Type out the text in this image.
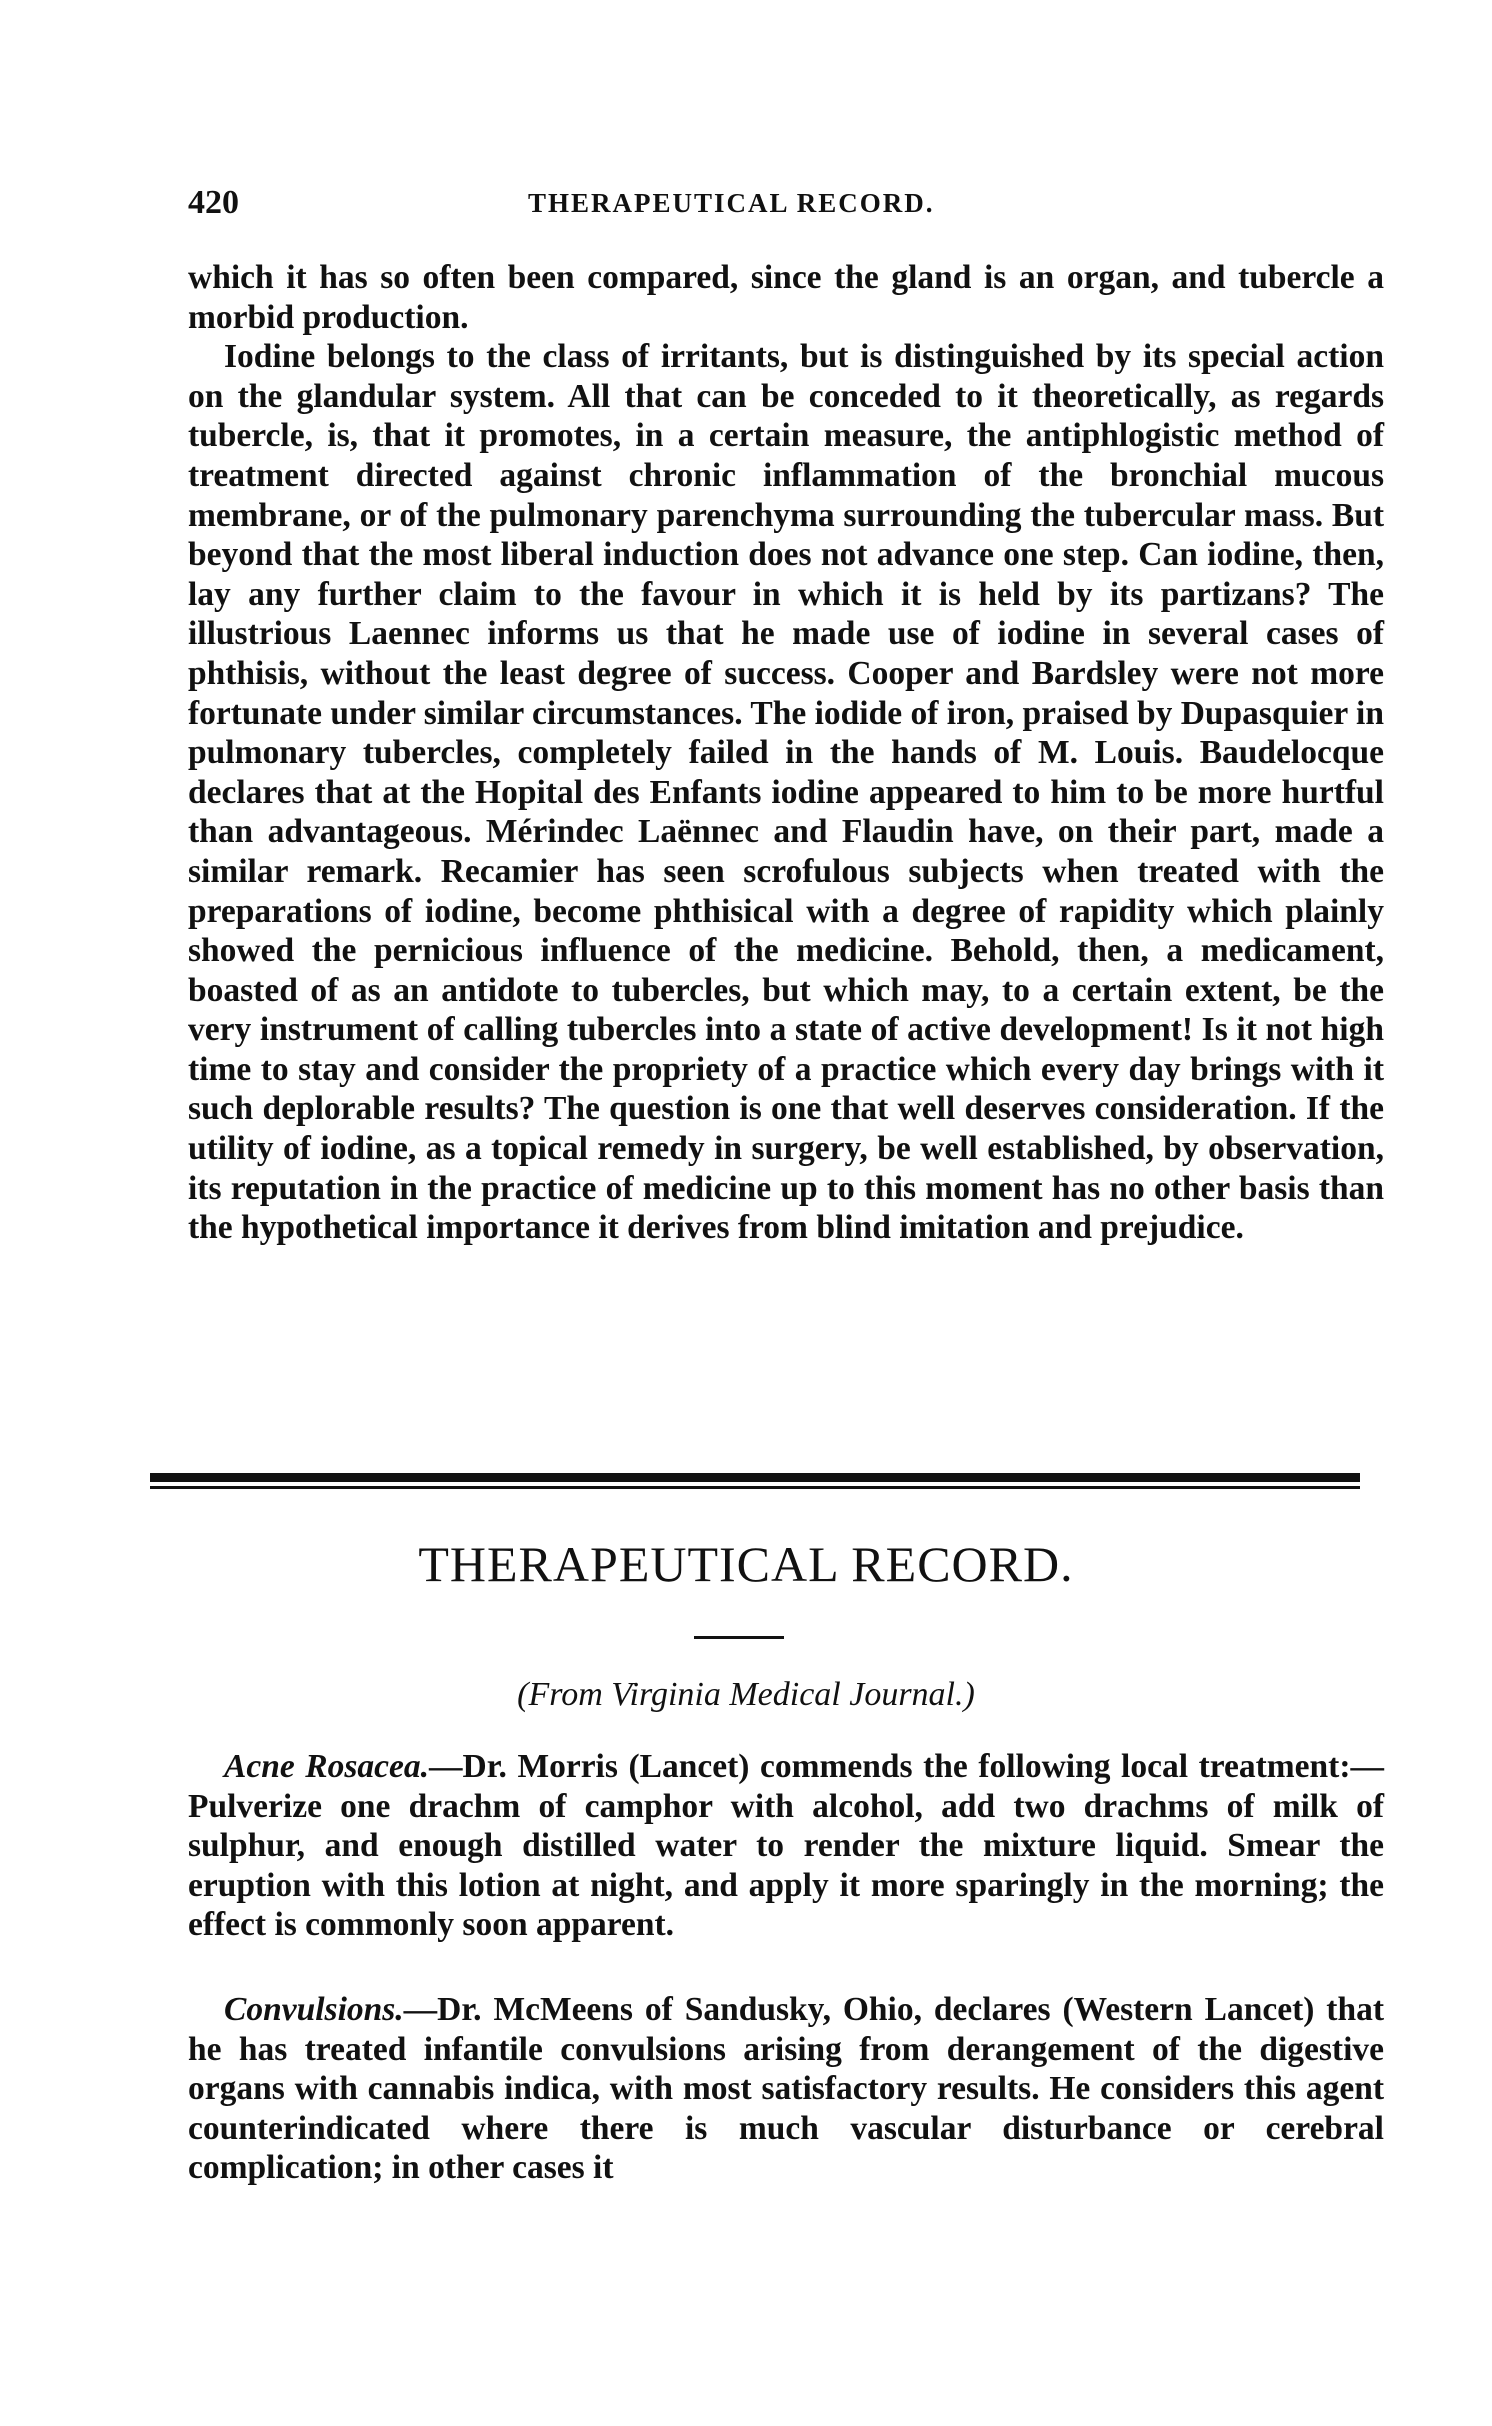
420	THERAPEUTICAL RECORD.

which it has so often been compared, since the gland is an organ, and tubercle a morbid production.

Iodine belongs to the class of irritants, but is distinguished by its special action on the glandular system. All that can be conceded to it theoretically, as regards tubercle, is, that it promotes, in a certain measure, the antiphlogistic method of treatment directed against chronic inflammation of the bronchial mucous membrane, or of the pulmonary parenchyma surrounding the tubercular mass. But beyond that the most liberal induction does not advance one step. Can iodine, then, lay any further claim to the favour in which it is held by its partizans? The illustrious Laennec informs us that he made use of iodine in several cases of phthisis, without the least degree of success. Cooper and Bardsley were not more fortunate under similar circumstances. The iodide of iron, praised by Dupasquier in pulmonary tubercles, completely failed in the hands of M. Louis. Baudelocque declares that at the Hopital des Enfants iodine appeared to him to be more hurtful than advantageous. Mérindec Laënnec and Flaudin have, on their part, made a similar remark. Recamier has seen scrofulous subjects when treated with the preparations of iodine, become phthisical with a degree of rapidity which plainly showed the pernicious influence of the medicine. Behold, then, a medicament, boasted of as an antidote to tubercles, but which may, to a certain extent, be the very instrument of calling tubercles into a state of active development! Is it not high time to stay and consider the propriety of a practice which every day brings with it such deplorable results? The question is one that well deserves consideration. If the utility of iodine, as a topical remedy in surgery, be well established, by observation, its reputation in the practice of medicine up to this moment has no other basis than the hypothetical importance it derives from blind imitation and prejudice.

THERAPEUTICAL RECORD.
(From Virginia Medical Journal.)

Acne Rosacea.—Dr. Morris (Lancet) commends the following local treatment:—Pulverize one drachm of camphor with alcohol, add two drachms of milk of sulphur, and enough distilled water to render the mixture liquid. Smear the eruption with this lotion at night, and apply it more sparingly in the morning; the effect is commonly soon apparent.

Convulsions.—Dr. McMeens of Sandusky, Ohio, declares (Western Lancet) that he has treated infantile convulsions arising from derangement of the digestive organs with cannabis indica, with most satisfactory results. He considers this agent counterindicated where there is much vascular disturbance or cerebral complication; in other cases it
